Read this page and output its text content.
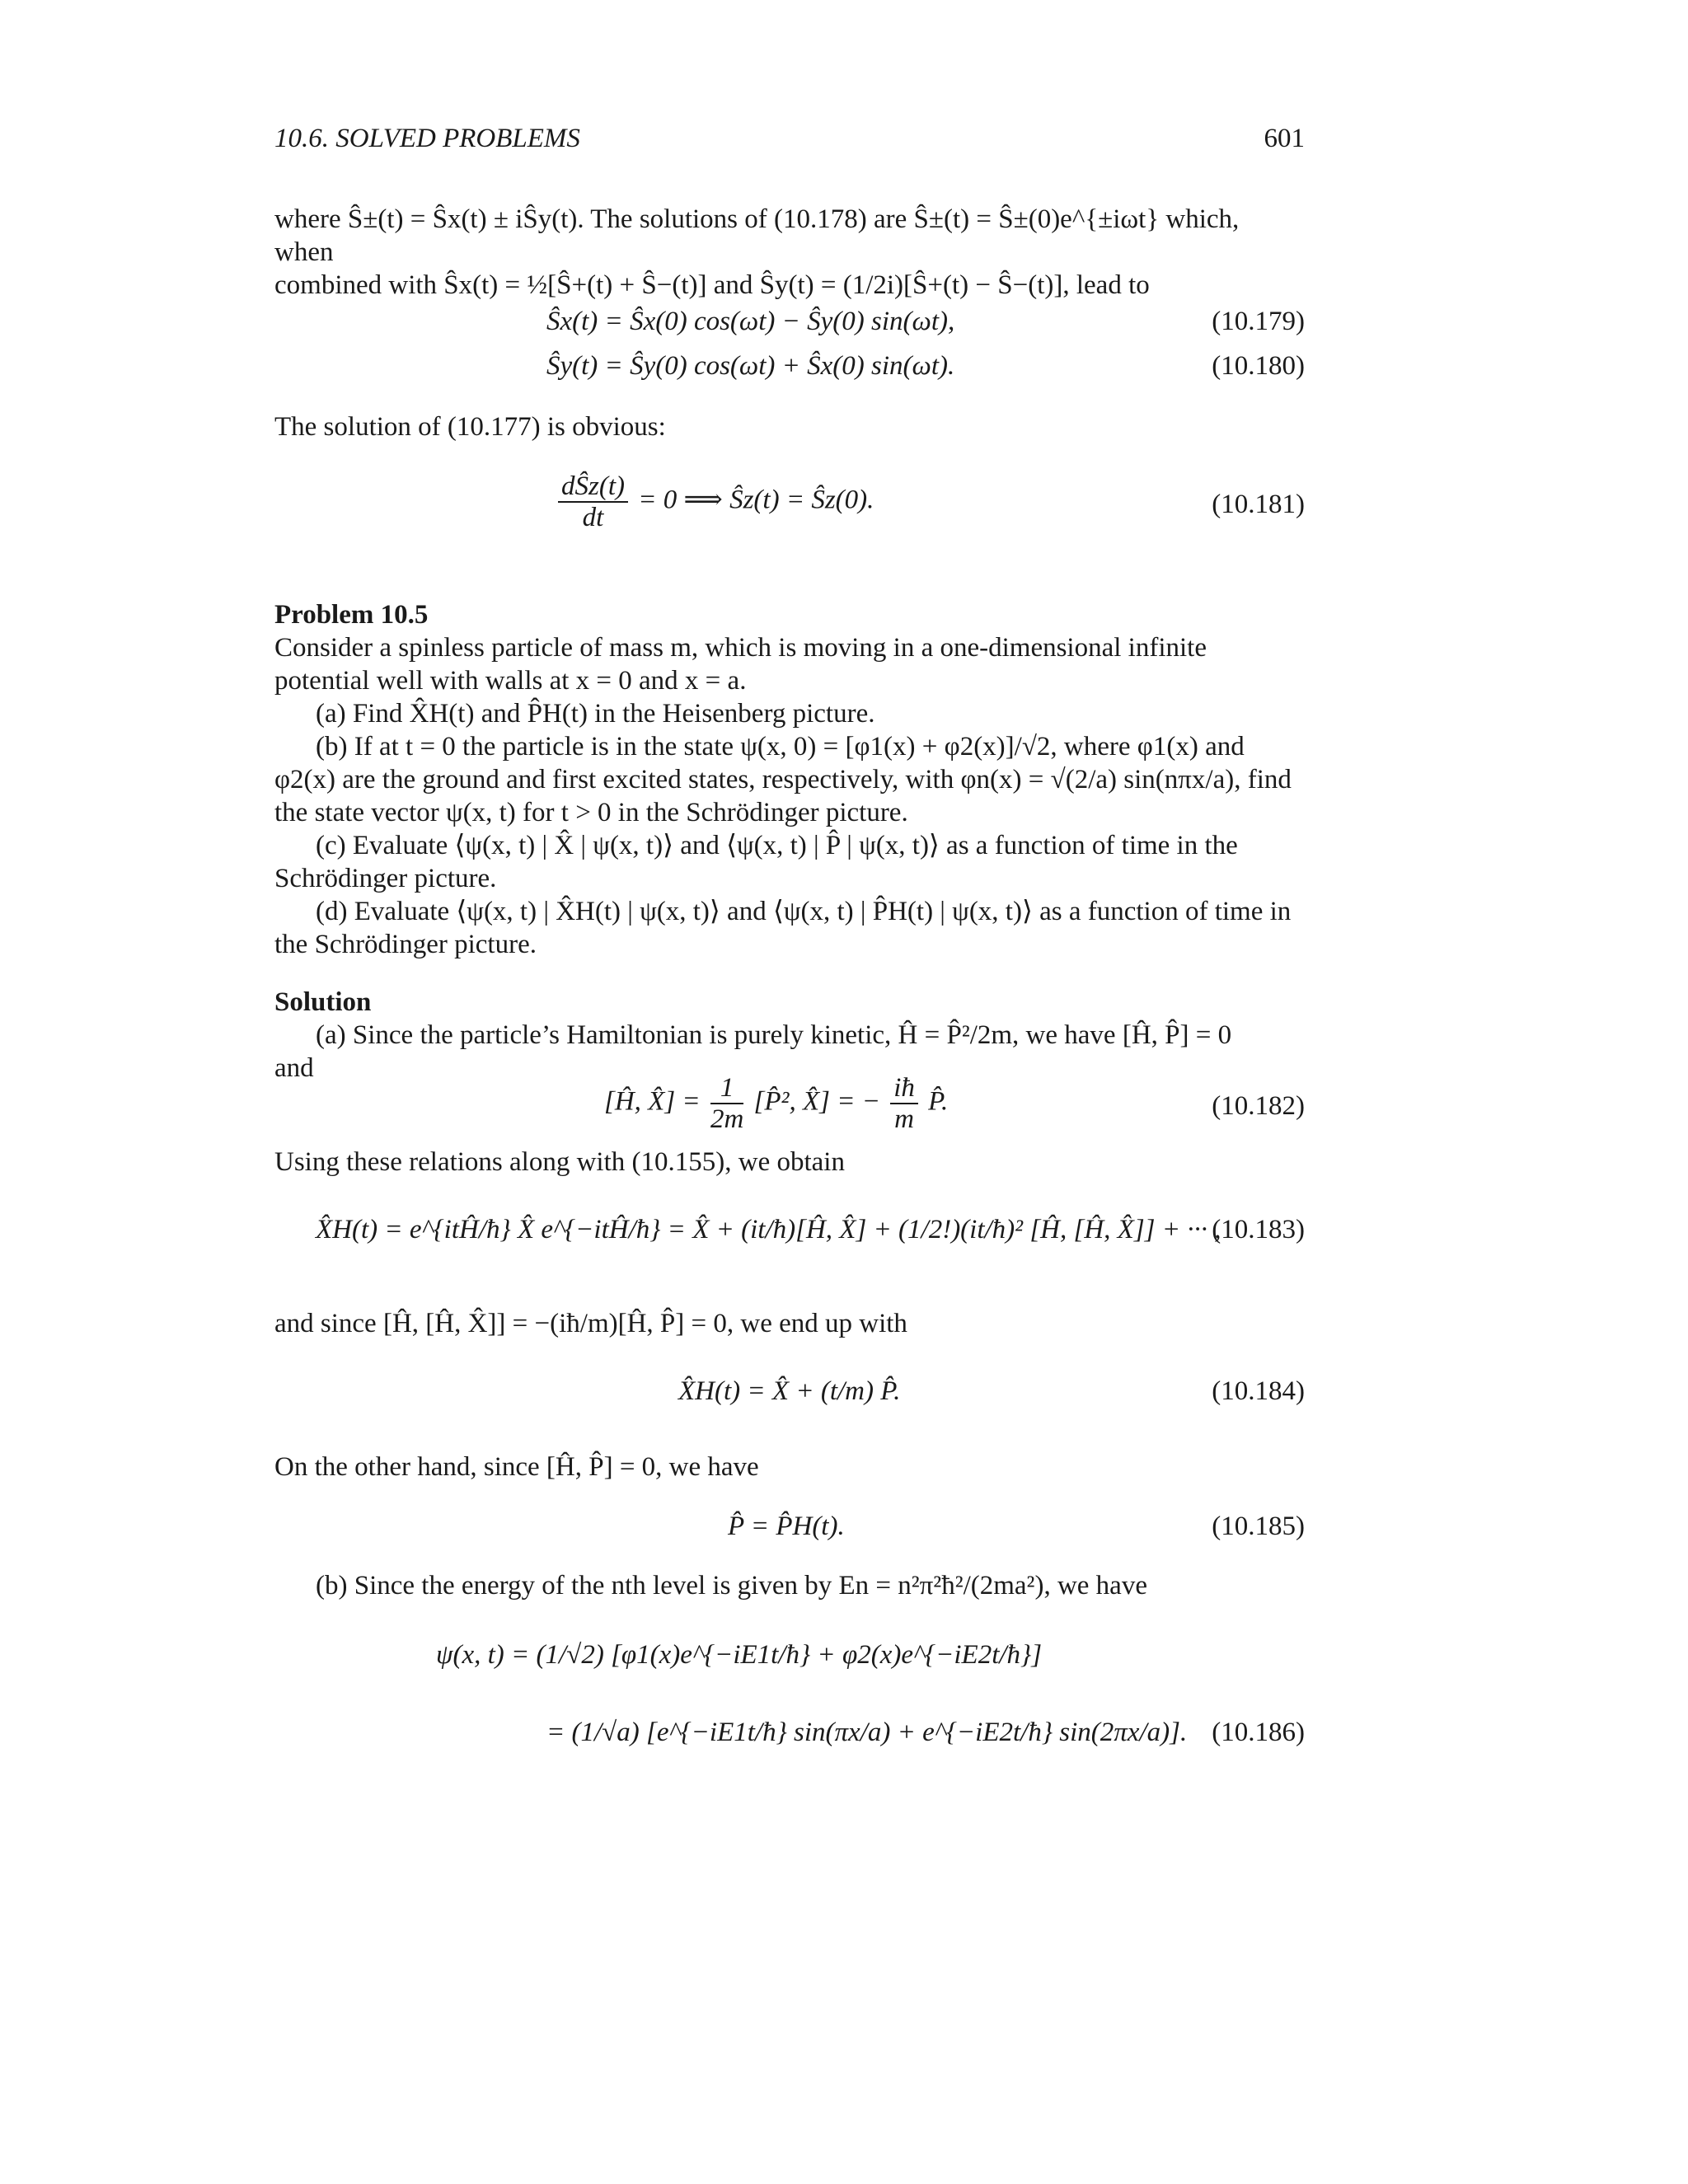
10.6. SOLVED PROBLEMS	601
where Ŝ±(t) = Ŝx(t) ± iŜy(t). The solutions of (10.178) are Ŝ±(t) = Ŝ±(0)e^{±iωt} which, when
combined with Ŝx(t) = ½[Ŝ+(t) + Ŝ−(t)] and Ŝy(t) = (1/2i)[Ŝ+(t) − Ŝ−(t)], lead to
Ŝx(t) = Ŝx(0) cos(ωt) − Ŝy(0) sin(ωt),	(10.179)
Ŝy(t) = Ŝy(0) cos(ωt) + Ŝx(0) sin(ωt).	(10.180)
The solution of (10.177) is obvious:
$\frac{\text{dŜz(t)}}{dt} = 0$ ⟹ Ŝz(t) = Ŝz(0).	(10.181)
Problem 10.5
Consider a spinless particle of mass m, which is moving in a one-dimensional infinite potential well with walls at x = 0 and x = a.
(a) Find X̂H(t) and P̂H(t) in the Heisenberg picture.
(b) If at t = 0 the particle is in the state ψ(x, 0) = [φ1(x) + φ2(x)]/√2, where φ1(x) and φ2(x) are the ground and first excited states, respectively, with φn(x) = √(2/a) sin(nπx/a), find the state vector ψ(x, t) for t > 0 in the Schrödinger picture.
(c) Evaluate ⟨ψ(x, t) | X̂ | ψ(x, t)⟩ and ⟨ψ(x, t) | P̂ | ψ(x, t)⟩ as a function of time in the Schrödinger picture.
(d) Evaluate ⟨ψ(x, t) | X̂H(t) | ψ(x, t)⟩ and ⟨ψ(x, t) | P̂H(t) | ψ(x, t)⟩ as a function of time in the Schrödinger picture.
Solution
(a) Since the particle’s Hamiltonian is purely kinetic, Ĥ = P̂²/2m, we have [Ĥ, P̂] = 0
and
[Ĥ, X̂] = $\frac{1}{2m}$ [P̂², X̂] = − $\frac{iħ}{m}$ P̂.	(10.182)
Using these relations along with (10.155), we obtain
X̂H(t) = e^{itĤ/ħ} X̂ e^{−itĤ/ħ} = X̂ + (it/ħ)[Ĥ, X̂] + (1/2!)(it/ħ)² [Ĥ, [Ĥ, X̂]] + ··· ,
(10.183)
and since [Ĥ, [Ĥ, X̂]] = −(iħ/m)[Ĥ, P̂] = 0, we end up with
X̂H(t) = X̂ + (t/m) P̂.	(10.184)
On the other hand, since [Ĥ, P̂] = 0, we have
P̂ = P̂H(t).	(10.185)
(b) Since the energy of the nth level is given by En = n²π²ħ²/(2ma²), we have
ψ(x, t) = (1/√2) [φ1(x)e^{−iE1t/ħ} + φ2(x)e^{−iE2t/ħ}]
= (1/√a) [e^{−iE1t/ħ} sin(πx/a) + e^{−iE2t/ħ} sin(2πx/a)]. (10.186)
